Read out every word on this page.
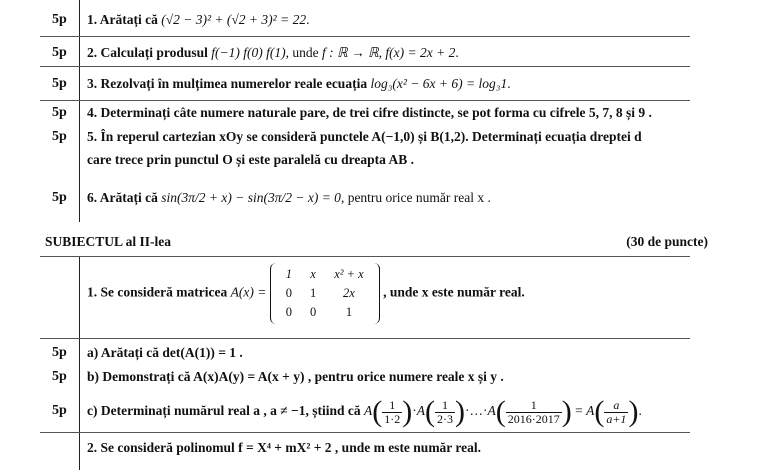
5p 1. Arătați că (√2 − 3)² + (√2 + 3)² = 22.
5p 2. Calculați produsul f(−1) f(0) f(1), unde f : ℝ → ℝ, f(x) = 2x + 2.
5p 3. Rezolvați în mulțimea numerelor reale ecuația log₃(x² − 6x + 6) = log₃1.
5p 4. Determinați câte numere naturale pare, de trei cifre distincte, se pot forma cu cifrele 5, 7, 8 și 9 .
5p 5. În reperul cartezian xOy se consideră punctele A(−1,0) și B(1,2). Determinați ecuația dreptei d
care trece prin punctul O și este paralelă cu dreapta AB .
5p 6. Arătați că sin(3π/2 + x) − sin(3π/2 − x) = 0, pentru orice număr real x .
SUBIECTUL al II-lea	(30 de puncte)
1. Se consideră matricea A(x) =
1	x	x² + x
0	1	2x
0	0	1
, unde x este număr real.
5p a) Arătați că det(A(1)) = 1 .
5p b) Demonstrați că A(x)A(y) = A(x + y) , pentru orice numere reale x și y .
5p c) Determinați numărul real a , a ≠ −1, știind că $A( \frac{1}{1\cdot 2} )\cdot A( \frac{1}{2\cdot 3}$ )·…·A( $\frac{1}{2016\cdot 2017}$ ) = $A( \frac{a}{a+1}$ ).
2. Se consideră polinomul f = X⁴ + mX² + 2 , unde m este număr real.
